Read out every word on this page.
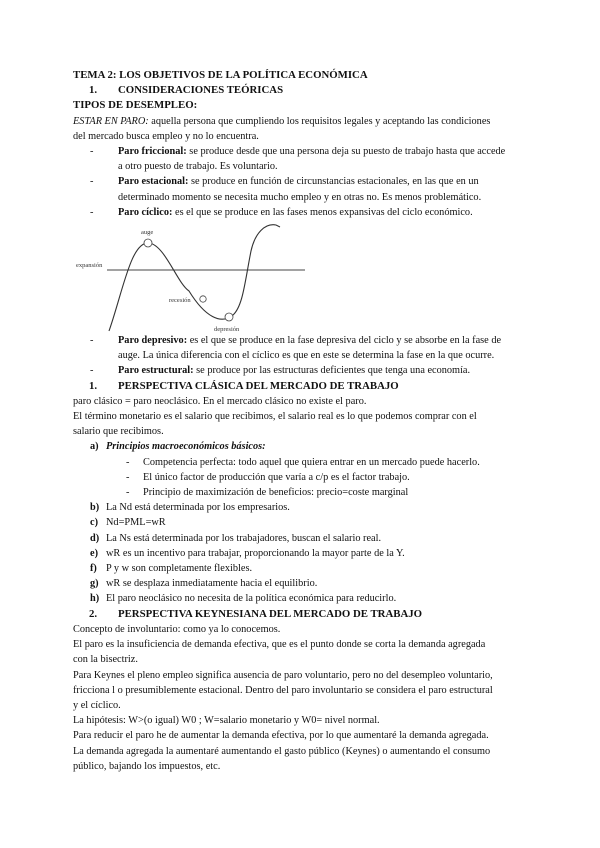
TEMA 2: LOS OBJETIVOS DE LA POLÍTICA ECONÓMICA
1. CONSIDERACIONES TEÓRICAS
TIPOS DE DESEMPLEO:
ESTAR EN PARO: aquella persona que cumpliendo los requisitos legales y aceptando las condiciones
del mercado busca empleo y no lo encuentra.
- Paro friccional: se produce desde que una persona deja su puesto de trabajo hasta que accede
a otro puesto de trabajo. Es voluntario.
- Paro estacional: se produce en función de circunstancias estacionales, en las que en un
determinado momento se necesita mucho empleo y en otras no. Es menos problemático.
- Paro cíclico: es el que se produce en las fases menos expansivas del ciclo económico.
auge
expansión
recesión
depresión
- Paro depresivo: es el que se produce en la fase depresiva del ciclo y se absorbe en la fase de
auge. La única diferencia con el cíclico es que en este se determina la fase en la que ocurre.
- Paro estructural: se produce por las estructuras deficientes que tenga una economía.
1. PERSPECTIVA CLÁSICA DEL MERCADO DE TRABAJO
paro clásico = paro neoclásico. En el mercado clásico no existe el paro.
El término monetario es el salario que recibimos, el salario real es lo que podemos comprar con el
salario que recibimos.
a) Principios macroeconómicos básicos:
- Competencia perfecta: todo aquel que quiera entrar en un mercado puede hacerlo.
- El único factor de producción que varía a c/p es el factor trabajo.
- Principio de maximización de beneficios: precio=coste marginal
b) La Nd está determinada por los empresarios.
c) Nd=PML=wR
d) La Ns está determinada por los trabajadores, buscan el salario real.
e) wR es un incentivo para trabajar, proporcionando la mayor parte de la Y.
f) P y w son completamente flexibles.
g) wR se desplaza inmediatamente hacia el equilibrio.
h) El paro neoclásico no necesita de la política económica para reducirlo.
2. PERSPECTIVA KEYNESIANA DEL MERCADO DE TRABAJO
Concepto de involuntario: como ya lo conocemos.
El paro es la insuficiencia de demanda efectiva, que es el punto donde se corta la demanda agregada
con la bisectriz.
Para Keynes el pleno empleo significa ausencia de paro voluntario, pero no del desempleo voluntario,
fricciona l o presumiblemente estacional. Dentro del paro involuntario se considera el paro estructural
y el cíclico.
La hipótesis: W>(o igual) W0 ; W=salario monetario y W0= nivel normal.
Para reducir el paro he de aumentar la demanda efectiva, por lo que aumentaré la demanda agregada.
La demanda agregada la aumentaré aumentando el gasto público (Keynes) o aumentando el consumo
público, bajando los impuestos, etc.
